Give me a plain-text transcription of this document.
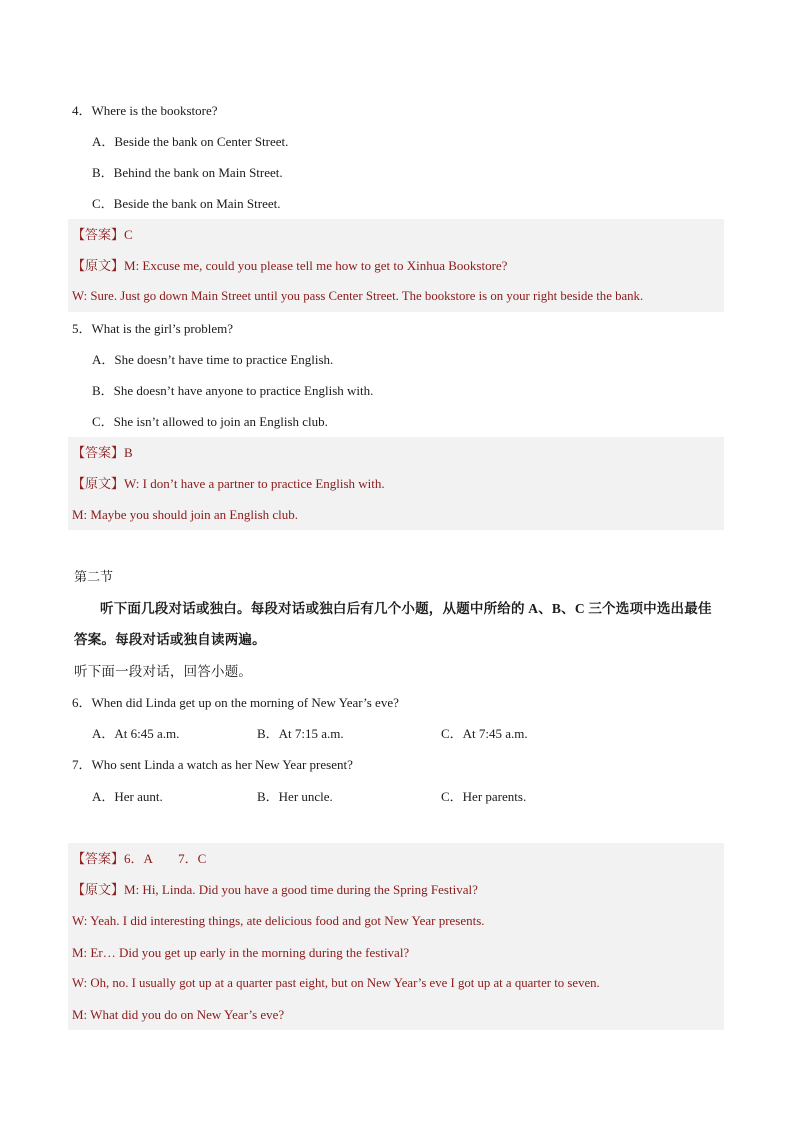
4．Where is the bookstore?
A．Beside the bank on Center Street.
B．Behind the bank on Main Street.
C．Beside the bank on Main Street.
【答案】C
【原文】M: Excuse me, could you please tell me how to get to Xinhua Bookstore?
W: Sure. Just go down Main Street until you pass Center Street. The bookstore is on your right beside the bank.
5．What is the girl’s problem?
A．She doesn’t have time to practice English.
B．She doesn’t have anyone to practice English with.
C．She isn’t allowed to join an English club.
【答案】B
【原文】W: I don’t have a partner to practice English with.
M: Maybe you should join an English club.
第二节
听下面几段对话或独白。每段对话或独白后有几个小题，从题中所给的 A、B、C 三个选项中选出最佳
答案。每段对话或独自读两遍。
听下面一段对话，回答小题。
6．When did Linda get up on the morning of New Year’s eve?
A．At 6:45 a.m.	B．At 7:15 a.m.	C．At 7:45 a.m.
7．Who sent Linda a watch as her New Year present?
A．Her aunt.	B．Her uncle.	C．Her parents.
【答案】6．A        7．C
【原文】M: Hi, Linda. Did you have a good time during the Spring Festival?
W: Yeah. I did interesting things, ate delicious food and got New Year presents.
M: Er… Did you get up early in the morning during the festival?
W: Oh, no. I usually got up at a quarter past eight, but on New Year’s eve I got up at a quarter to seven.
M: What did you do on New Year’s eve?
